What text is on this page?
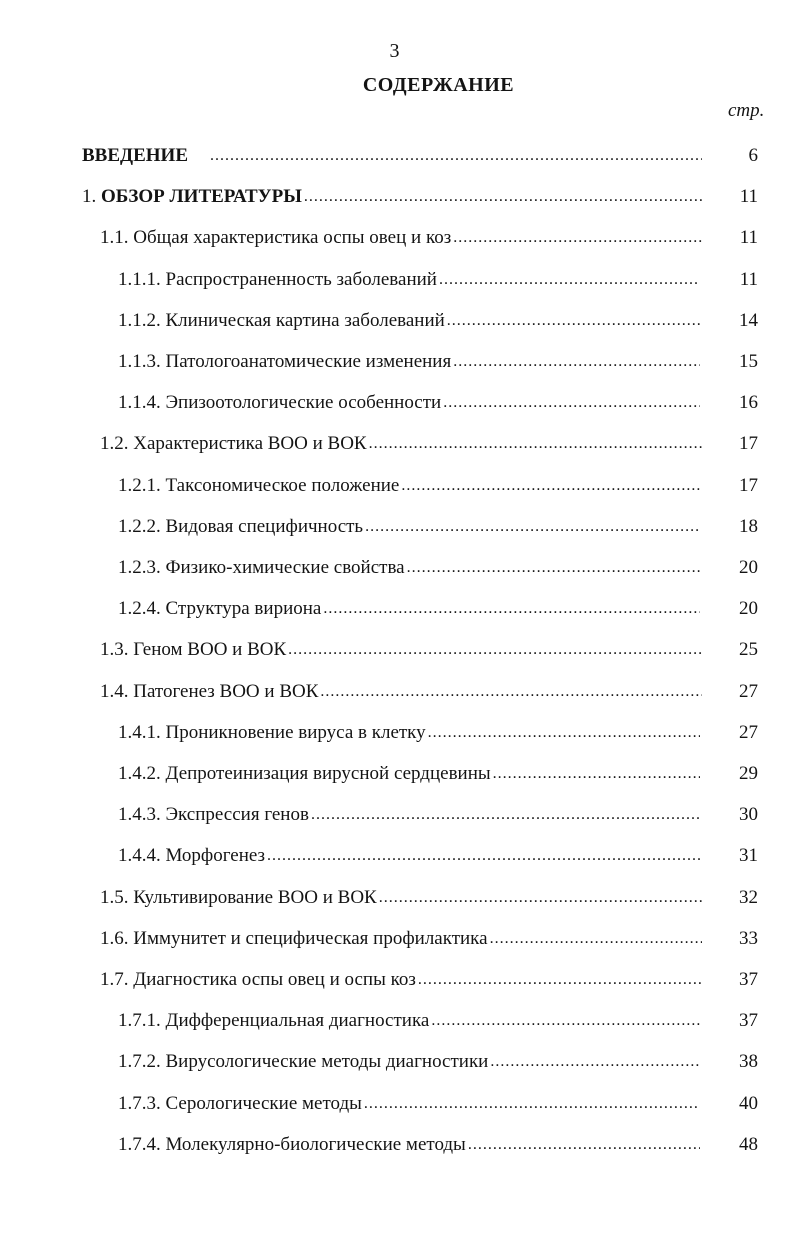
3
СОДЕРЖАНИЕ
стр.
ВВЕДЕНИЕ .....	6
1. ОБЗОР ЛИТЕРАТУРЫ .....	11
1.1. Общая характеристика оспы овец и коз .....	11
1.1.1. Распространенность заболеваний .....	11
1.1.2. Клиническая картина заболеваний .....	14
1.1.3. Патологоанатомические изменения .....	15
1.1.4. Эпизоотологические особенности .....	16
1.2. Характеристика ВОО и ВОК .....	17
1.2.1. Таксономическое положение .....	17
1.2.2. Видовая специфичность .....	18
1.2.3. Физико-химические свойства .....	20
1.2.4. Структура вириона .....	20
1.3. Геном ВОО и ВОК .....	25
1.4. Патогенез ВОО и ВОК .....	27
1.4.1. Проникновение вируса в клетку .....	27
1.4.2. Депротеинизация вирусной сердцевины .....	29
1.4.3. Экспрессия генов .....	30
1.4.4. Морфогенез .....	31
1.5. Культивирование ВОО и ВОК .....	32
1.6. Иммунитет и специфическая профилактика .....	33
1.7. Диагностика оспы овец и оспы коз .....	37
1.7.1. Дифференциальная диагностика .....	37
1.7.2. Вирусологические методы диагностики .....	38
1.7.3. Серологические методы .....	40
1.7.4. Молекулярно-биологические методы .....	48
